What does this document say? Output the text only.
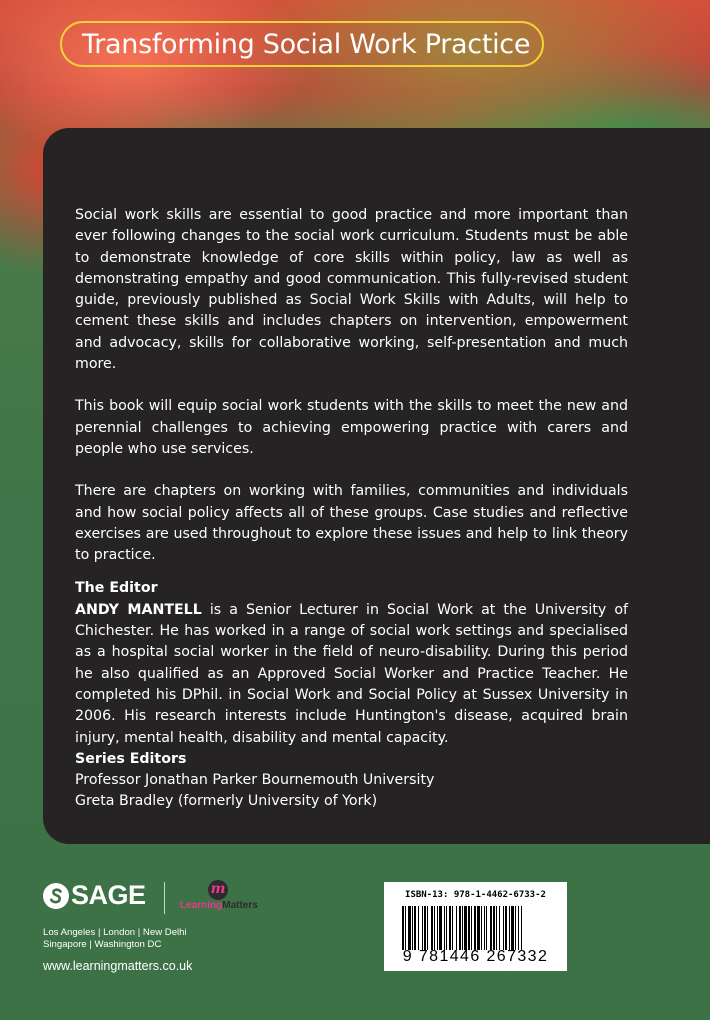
Transforming Social Work Practice

Social work skills are essential to good practice and more important than ever following changes to the social work curriculum. Students must be able to demonstrate knowledge of core skills within policy, law as well as demonstrating empathy and good communication. This fully-revised student guide, previously published as Social Work Skills with Adults, will help to cement these skills and includes chapters on intervention, empowerment and advocacy, skills for collaborative working, self-presentation and much more.

This book will equip social work students with the skills to meet the new and perennial challenges to achieving empowering practice with carers and people who use services.

There are chapters on working with families, communities and individuals and how social policy affects all of these groups. Case studies and reflective exercises are used throughout to explore these issues and help to link theory to practice.

The Editor

ANDY MANTELL is a Senior Lecturer in Social Work at the University of Chichester. He has worked in a range of social work settings and specialised as a hospital social worker in the field of neuro-disability. During this period he also qualified as an Approved Social Worker and Practice Teacher. He completed his DPhil. in Social Work and Social Policy at Sussex University in 2006. His research interests include Huntington's disease, acquired brain injury, mental health, disability and mental capacity.

Series Editors

Professor Jonathan Parker Bournemouth University

Greta Bradley (formerly University of York)

SAGE	m
LearningMatters
Los Angeles | London | New Delhi
Singapore | Washington DC
www.learningmatters.co.uk
ISBN-13: 978-1-4462-6733-2
9 781446 267332
